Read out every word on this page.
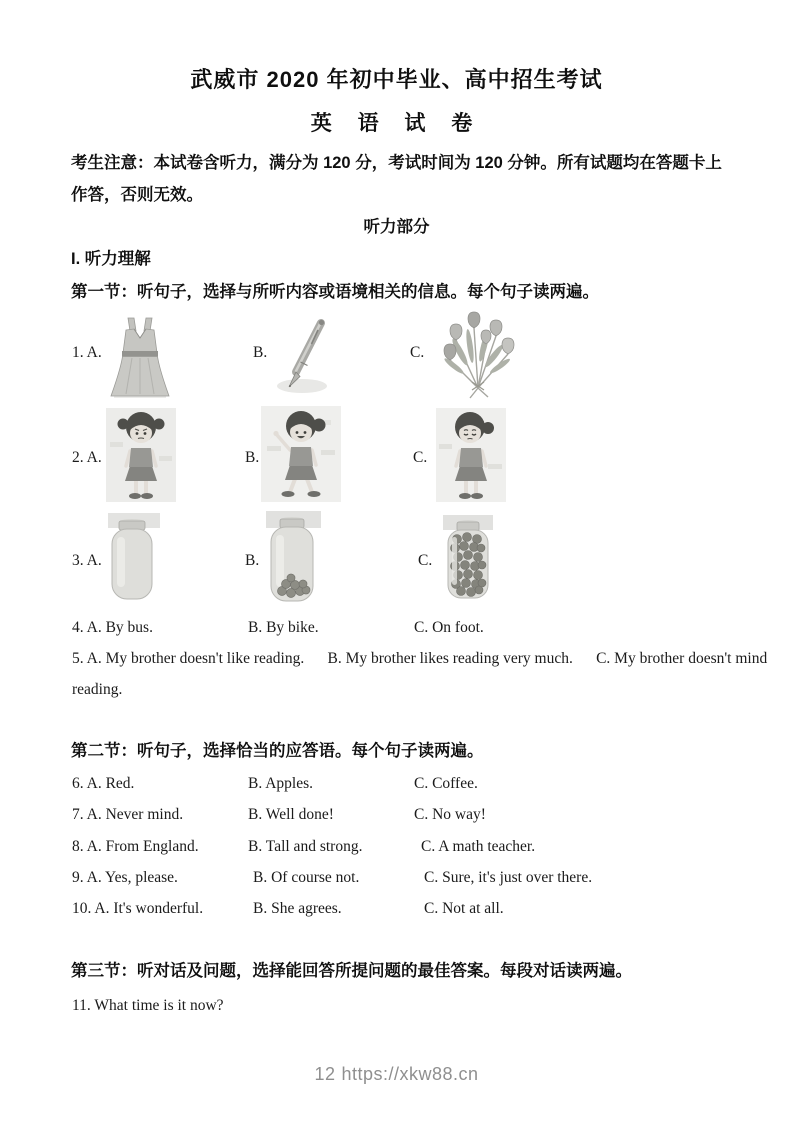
武威市 2020 年初中毕业、高中招生考试
英 语 试 卷
考生注意：本试卷含听力，满分为 120 分，考试时间为 120 分钟。所有试题均在答题卡上作答，否则无效。
听力部分
I. 听力理解
第一节：听句子，选择与所听内容或语境相关的信息。每个句子读两遍。
1. A.	B.	C.
2. A.	B.	C.
3. A.	B.	C.
4. A. By bus.	B. By bike.	C. On foot.
5. A. My brother doesn't like reading.      B. My brother likes reading very much.      C. My brother doesn't mind
reading.
第二节：听句子，选择恰当的应答语。每个句子读两遍。
6. A. Red.	B. Apples.	C. Coffee.
7. A. Never mind.	B. Well done!	C. No way!
8. A. From England.	B. Tall and strong.	C. A math teacher.
9. A. Yes, please.	B. Of course not.	C. Sure, it's just over there.
10. A. It's wonderful.	B. She agrees.	C. Not at all.
第三节：听对话及问题，选择能回答所提问题的最佳答案。每段对话读两遍。
11. What time is it now?
12 https://xkw88.cn
